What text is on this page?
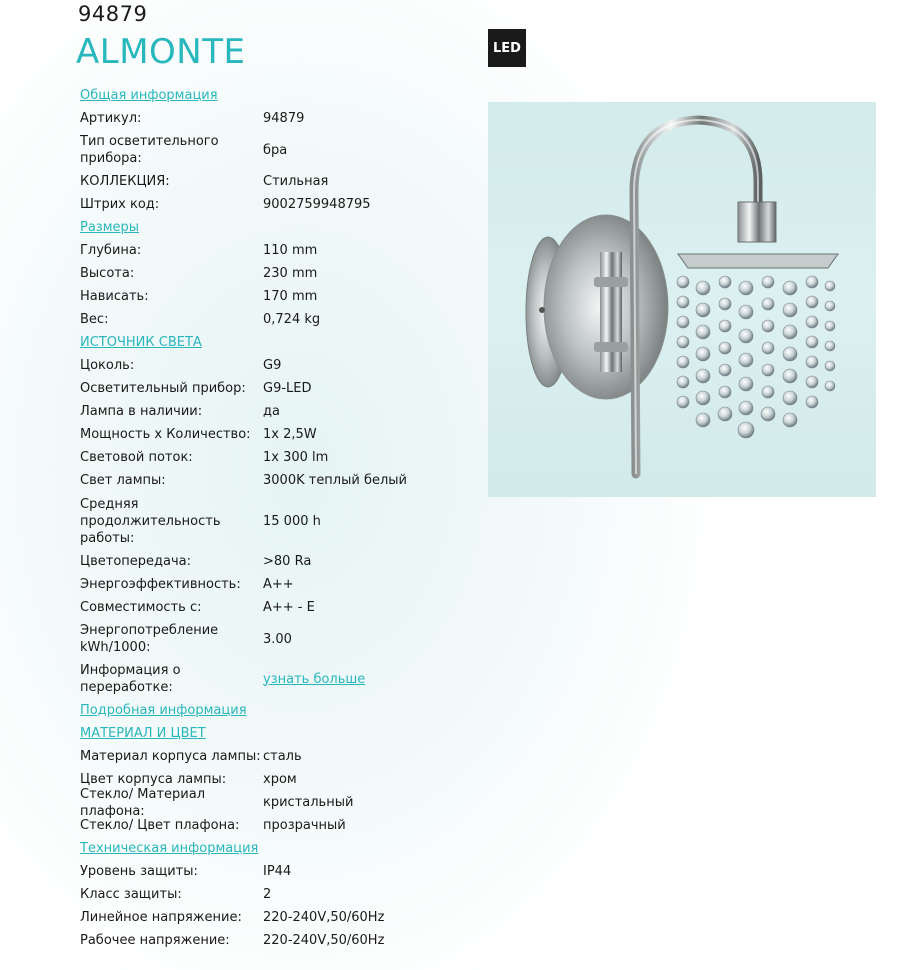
94879
ALMONTE	LED
Общая информация
Артикул:	94879
Тип осветительного прибора:
бра
КОЛЛЕКЦИЯ:	Стильная
Штрих код:	9002759948795
Размеры
Глубина:	110 mm
Высота:	230 mm
Нависать:	170 mm
Вес:	0,724 kg
ИСТОЧНИК СВЕТА
Цоколь:	G9
Осветительный прибор:	G9-LED
Лампа в наличии:	да
Мощность x Количество: 1x 2,5W
Световой поток:	1x 300 lm
Свет лампы:	3000K теплый белый
Средняя продолжительность работы:
15 000 h
Цветопередача:	>80 Ra
Энергоэффективность:	A++
Совместимость с:	A++ - E
Энергопотребление kWh/1000:
3.00
Информация о переработке:
узнать больше
Подробная информация
МАТЕРИАЛ И ЦВЕТ
Материал корпуса лампы: сталь
Цвет корпуса лампы:	хром
Стекло/ Материал плафона:
кристальный
Стекло/ Цвет плафона:	прозрачный
Техническая информация
Уровень защиты:	IP44
Класс защиты:	2
Линейное напряжение:	220-240V,50/60Hz
Рабочее напряжение:	220-240V,50/60Hz
